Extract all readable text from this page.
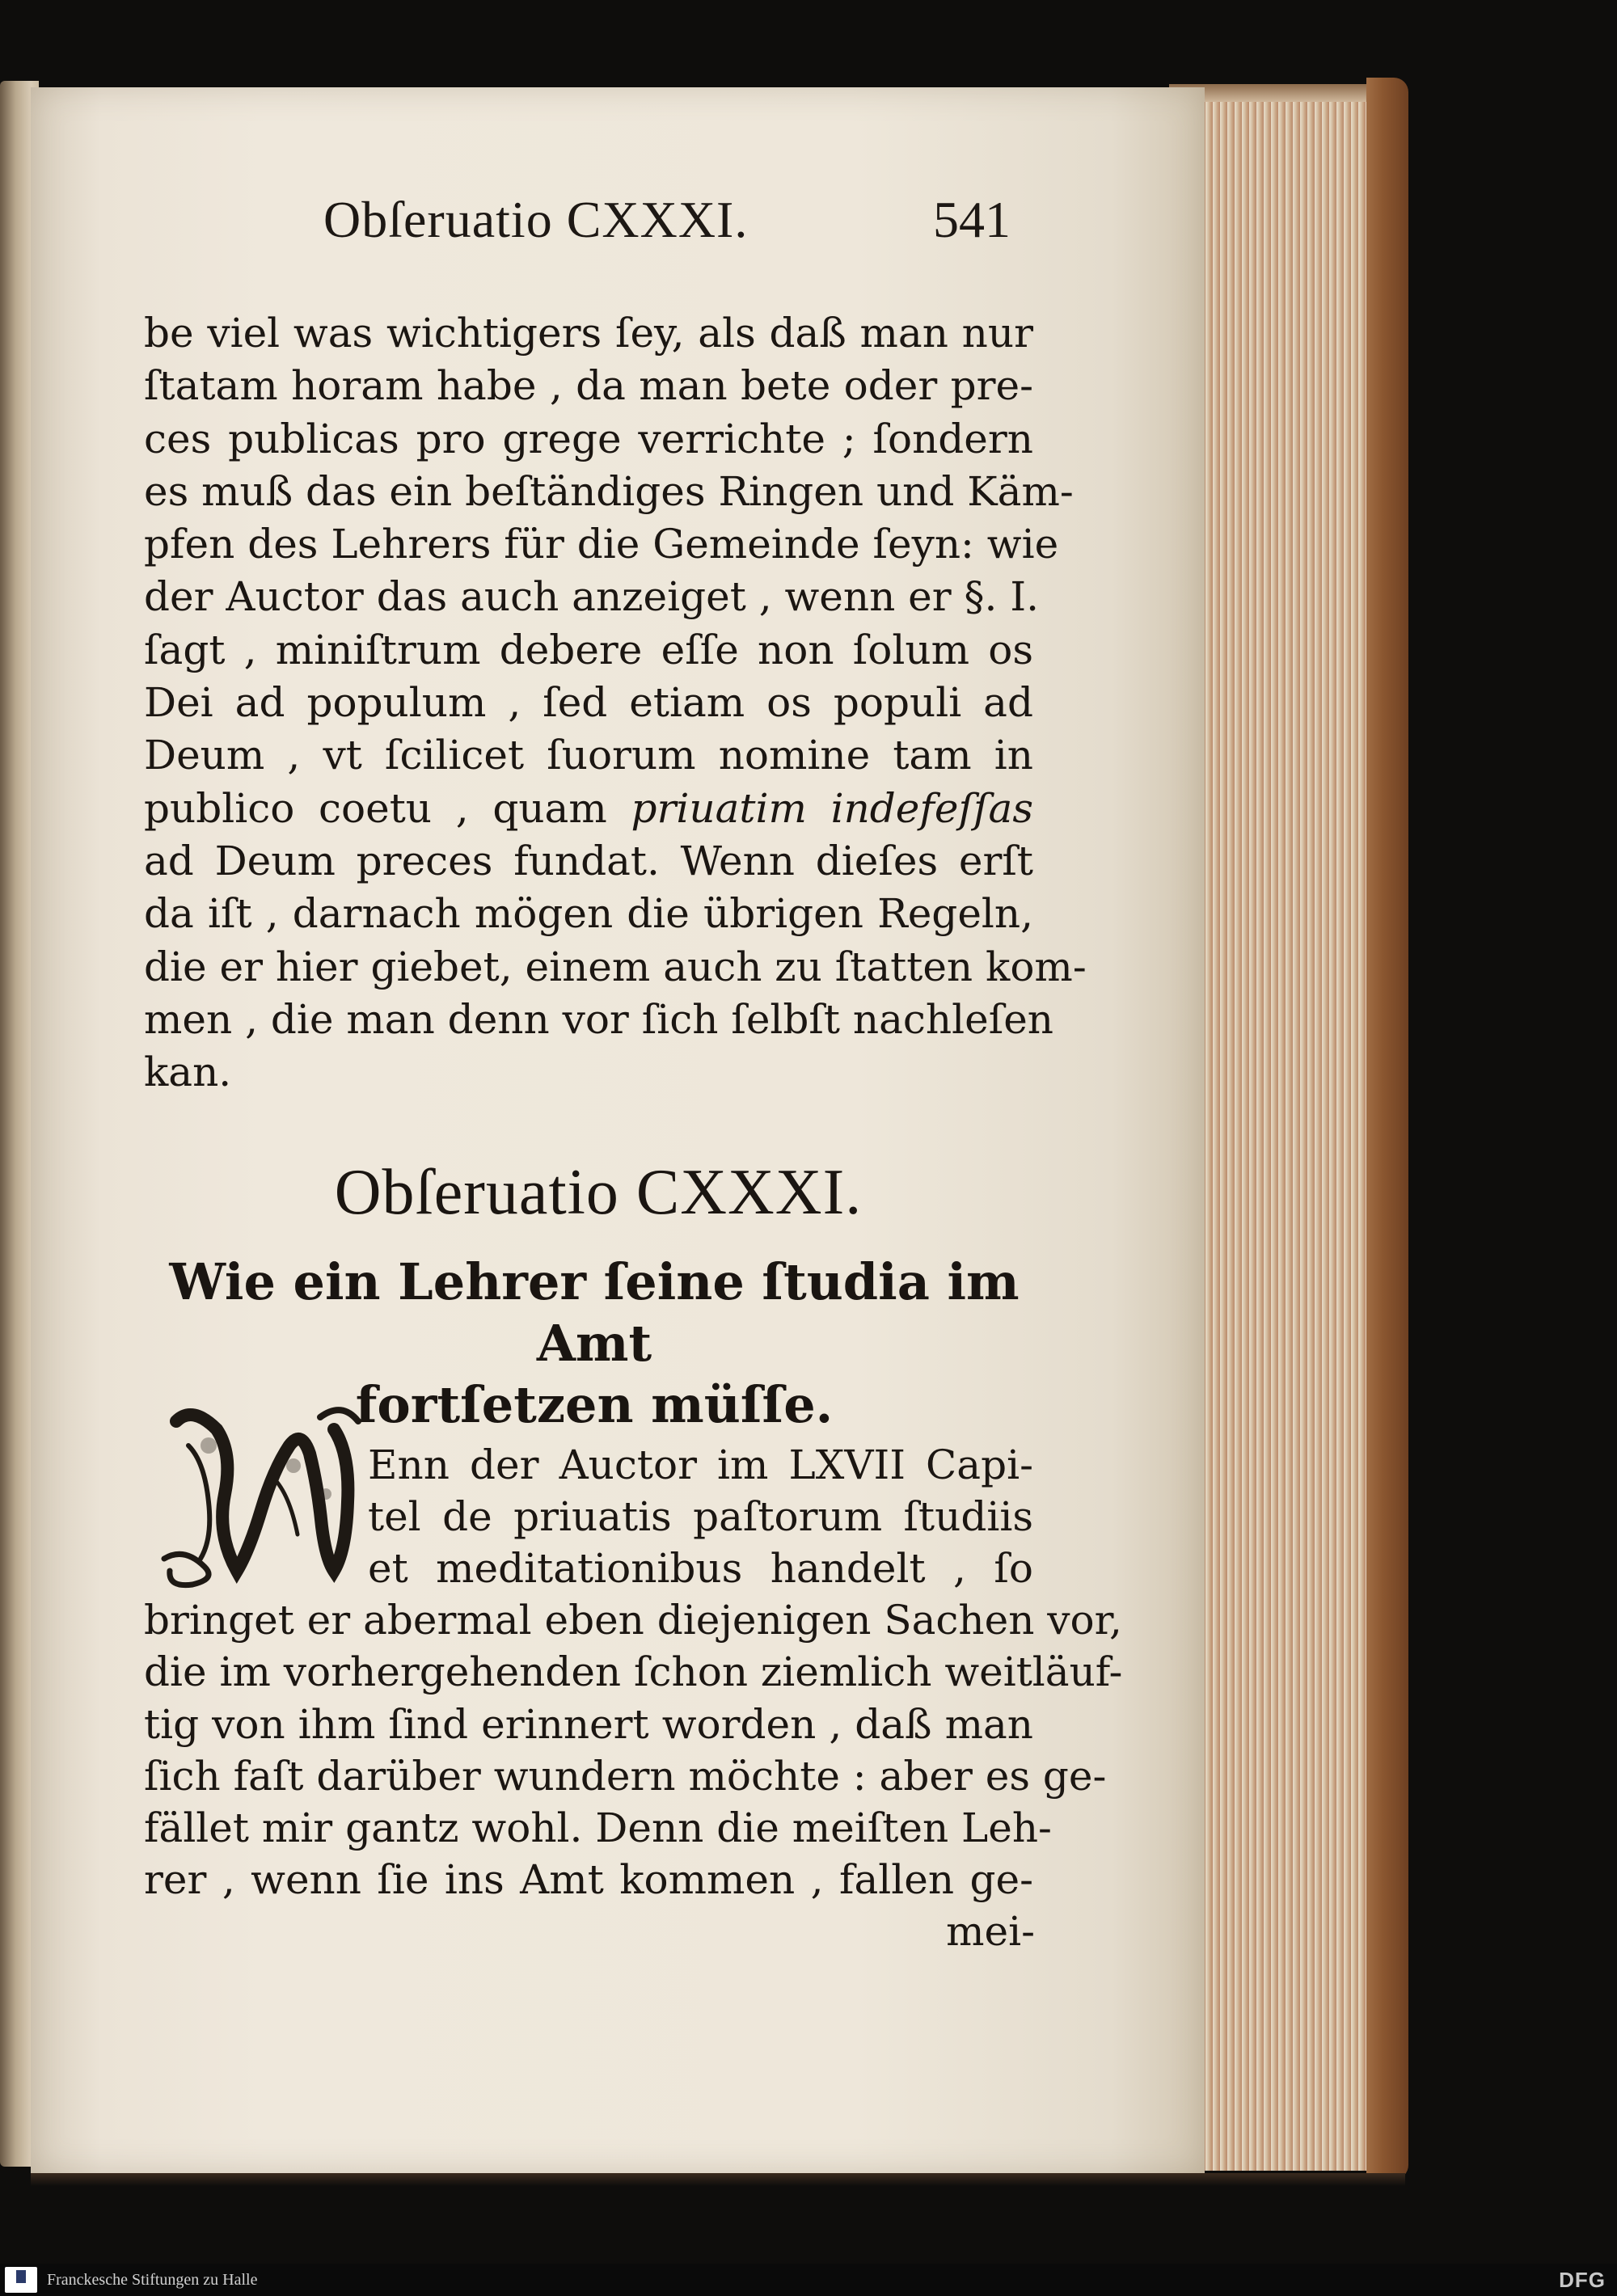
Obſeruatio CXXXI.	541
be viel was wichtigers ſey, als daß man nur
ſtatam horam habe , da man bete oder pre-
ces publicas pro grege verrichte ; ſondern
es muß das ein beſtändiges Ringen und Käm-
pfen des Lehrers für die Gemeinde ſeyn: wie
der Auctor das auch anzeiget , wenn er §. I.
ſagt , miniſtrum debere eſſe non ſolum os
Dei ad populum , ſed etiam os populi ad
Deum , vt ſcilicet ſuorum nomine tam in
publico coetu , quam priuatim indefeſſas
ad Deum preces fundat. Wenn dieſes erſt
da iſt , darnach mögen die übrigen Regeln,
die er hier giebet, einem auch zu ſtatten kom-
men , die man denn vor ſich ſelbſt nachleſen
kan.
Obſeruatio CXXXI.
Wie ein Lehrer ſeine ſtudia im Amt
fortſetzen müſſe.
Enn der Auctor im LXVII Capi-
tel de priuatis paſtorum ſtudiis
et meditationibus handelt , ſo
bringet er abermal eben diejenigen Sachen vor,
die im vorhergehenden ſchon ziemlich weitläuf-
tig von ihm ſind erinnert worden , daß man
ſich faſt darüber wundern möchte : aber es ge-
fället mir gantz wohl. Denn die meiſten Leh-
rer , wenn ſie ins Amt kommen , fallen ge-
mei-
Franckesche Stiftungen zu Halle	DFG
